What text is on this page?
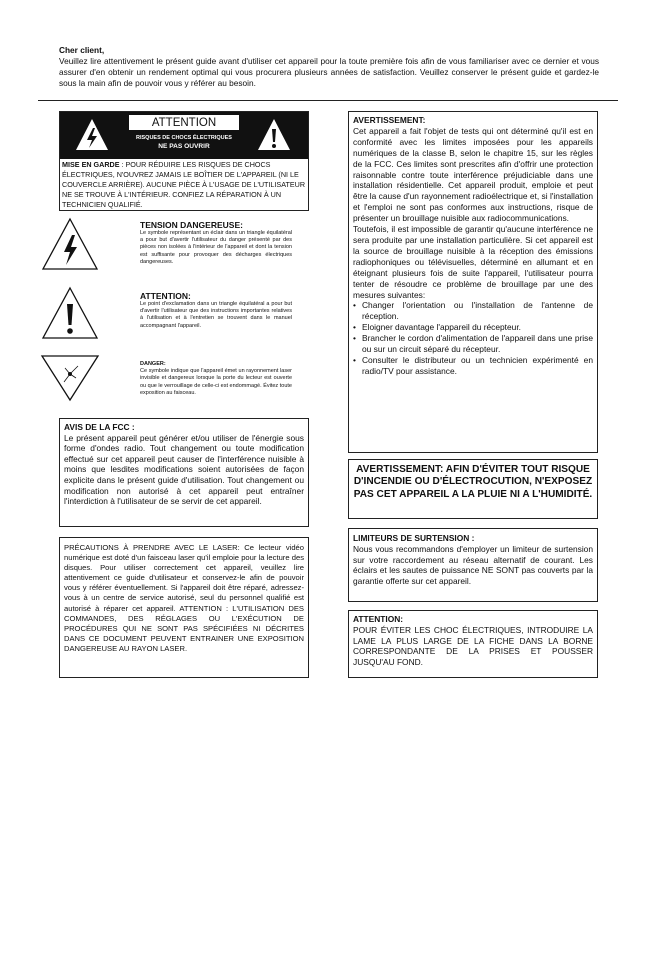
Cher client,
Veuillez lire attentivement le présent guide avant d'utiliser cet appareil pour la toute première fois afin de vous familiariser avec ce dernier et vous assurer d'en obtenir un rendement optimal qui vous procurera plusieurs années de satisfaction. Veuillez conserver le présent guide et gardez-le sous la main afin de pouvoir vous y référer au besoin.
ATTENTION
RISQUES DE CHOCS ÉLECTRIQUES
NE PAS OUVRIR
MISE EN GARDE : POUR RÉDUIRE LES RISQUES DE CHOCS ÉLECTRIQUES, N'OUVREZ JAMAIS LE BOÎTIER DE L'APPAREIL (NI LE COUVERCLE ARRIÈRE). AUCUNE PIÈCE À L'USAGE DE L'UTILISATEUR NE SE TROUVE À L'INTÉRIEUR. CONFIEZ LA RÉPARATION À UN TECHNICIEN QUALIFIÉ.
TENSION DANGEREUSE:
Le symbole représentant un éclair dans un triangle équilatéral a pour but d'avertir l'utilisateur du danger présenté par des pièces non isolées à l'intérieur de l'appareil et dont la tension est suffisante pour provoquer des décharges électriques dangereuses.
ATTENTION:
Le point d'exclamation dans un triangle équilatéral a pour but d'avertir l'utilisateur que des instructions importantes relatives à l'utilisation et à l'entretien se trouvent dans le manuel accompagnant l'appareil.
DANGER:
Ce symbole indique que l'appareil émet un rayonnement laser invisible et dangereux lorsque la porte du lecteur est ouverte ou que le verrouillage de celle-ci est endommagé. Évitez toute exposition au faisceau.
AVIS DE LA FCC :
Le présent appareil peut générer et/ou utiliser de l'énergie sous forme d'ondes radio. Tout changement ou toute modification effectué sur cet appareil peut causer de l'interférence nuisible à moins que lesdites modifications soient autorisées de façon explicite dans le présent guide d'utilisation. Tout changement ou modification non autorisé à cet appareil peut entraîner l'interdiction à l'utilisateur de se servir de cet appareil.
PRÉCAUTIONS À PRENDRE AVEC LE LASER: Ce lecteur vidéo numérique est doté d'un faisceau laser qu'il emploie pour la lecture des disques. Pour utiliser correctement cet appareil, veuillez lire attentivement ce guide d'utilisateur et conservez-le afin de pouvoir vous y référer éventuellement. Si l'appareil doit être réparé, adressez-vous à un centre de service autorisé, seul du personnel qualifié est autorisé à réparer cet appareil. ATTENTION : L'UTILISATION DES COMMANDES, DES RÉGLAGES OU L'EXÉCUTION DE PROCÉDURES QUI NE SONT PAS SPÉCIFIÉES NI DÉCRITES DANS CE DOCUMENT PEUVENT ENTRAINER UNE EXPOSITION DANGEREUSE AU RAYON LASER.
AVERTISSEMENT:
Cet appareil a fait l'objet de tests qui ont déterminé qu'il est en conformité avec les limites imposées pour les appareils numériques de la classe B, selon le chapitre 15, sur les règles de la FCC. Ces limites sont prescrites afin d'offrir une protection raisonnable contre toute interférence préjudiciable dans une installation résidentielle. Cet appareil produit, emploie et peut être la cause d'un rayonnement radioélectrique et, si l'installation et l'emploi ne sont pas conformes aux instructions, risque de présenter un brouillage nuisible aux radiocommunications.
Toutefois, il est impossible de garantir qu'aucune interférence ne sera produite par une installation particulière. Si cet appareil est la source de brouillage nuisible à la réception des émissions radiophoniques ou télévisuelles, déterminé en allumant et en éteignant plusieurs fois de suite l'appareil, l'utilisateur pourra tenter de résoudre ce problème de brouillage par une des mesures suivantes:
• Changer l'orientation ou l'installation de l'antenne de réception.
• Eloigner davantage l'appareil du récepteur.
• Brancher le cordon d'alimentation de l'appareil dans une prise ou sur un circuit séparé du récepteur.
• Consulter le distributeur ou un technicien expérimenté en radio/TV pour assistance.
AVERTISSEMENT: AFIN D'ÉVITER TOUT RISQUE D'INCENDIE OU D'ÉLECTROCUTION, N'EXPOSEZ PAS CET APPAREIL A LA PLUIE NI A L'HUMIDITÉ.
LIMITEURS DE SURTENSION :
Nous vous recommandons d'employer un limiteur de surtension sur votre raccordement au réseau alternatif de courant. Les éclairs et les sautes de puissance NE SONT pas couverts par la garantie offerte sur cet appareil.
ATTENTION:
POUR ÉVITER LES CHOC ÉLECTRIQUES, INTRODUIRE LA LAME LA PLUS LARGE DE LA FICHE DANS LA BORNE CORRESPONDANTE DE LA PRISES ET POUSSER JUSQU'AU FOND.
